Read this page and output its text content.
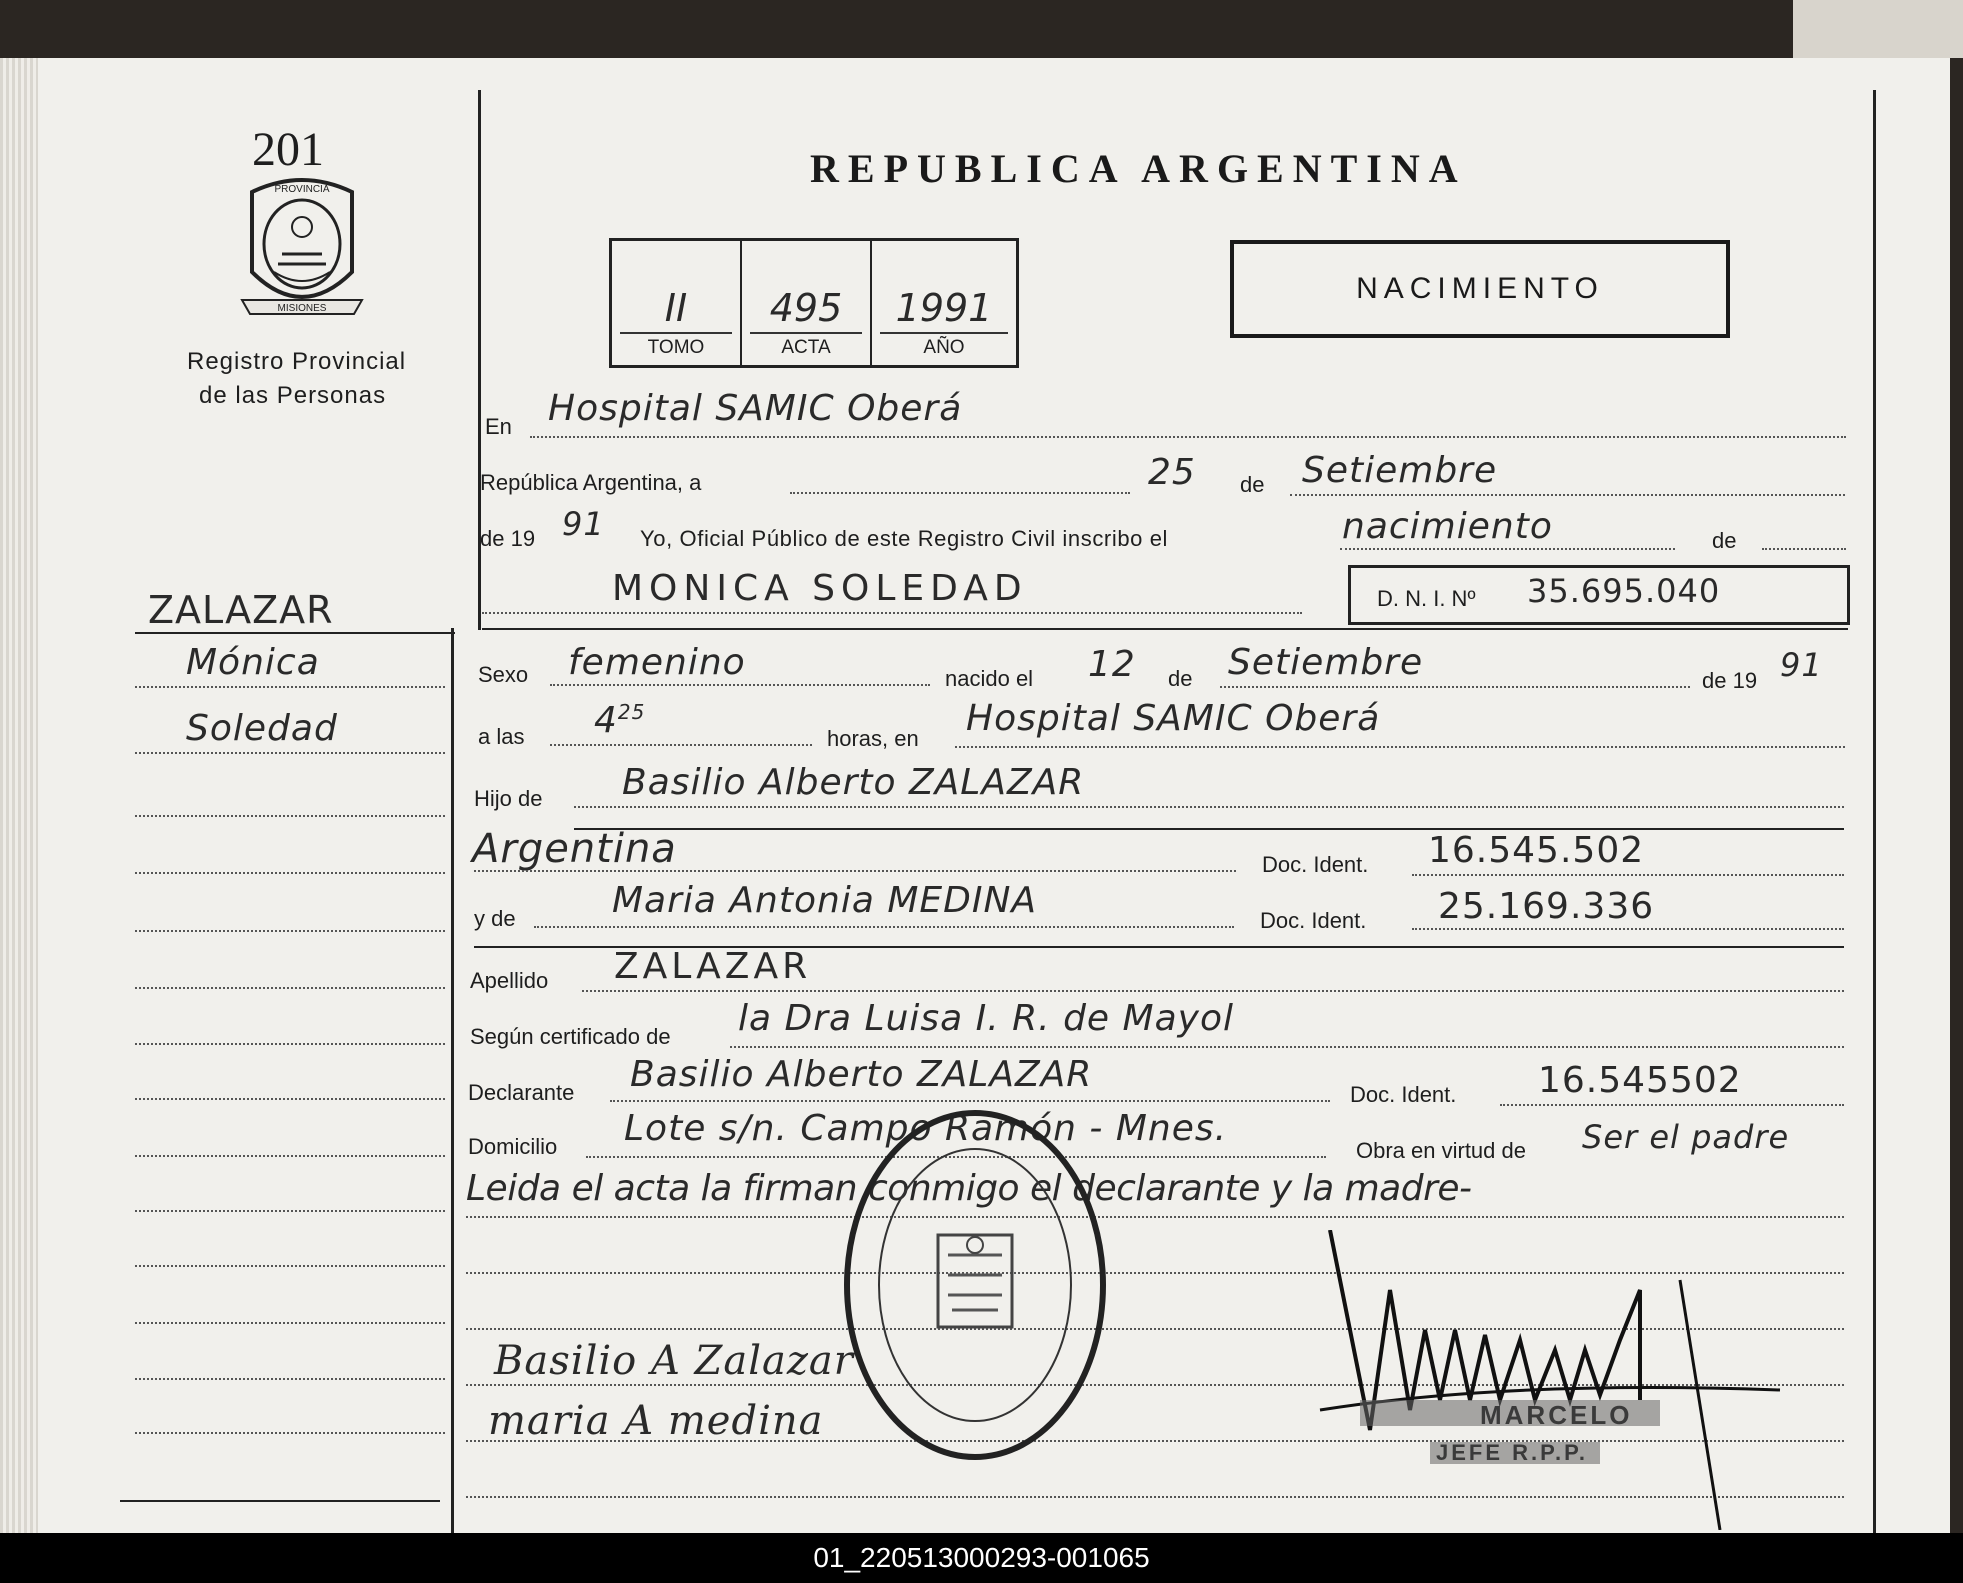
201
PROVINCIA
MISIONES
Registro Provincial
de las Personas
REPUBLICA ARGENTINA
II
TOMO
495
ACTA
1991
AÑO
NACIMIENTO
ZALAZAR
Mónica
Soledad
En Hospital SAMIC Oberá
República Argentina, a	25 de Setiembre
de 19 91 Yo, Oficial Público de este Registro Civil inscribo el	nacimiento	de
MONICA SOLEDAD	D. N. I. Nº 35.695.040
Sexo femenino	nacido el 12 de Setiembre	de 19 91
a las $4^{25}$
horas, en Hospital SAMIC Oberá
Hijo de Basilio Alberto ZALAZAR
Argentina	Doc. Ident. 16.545.502
y de	Maria Antonia MEDINA	Doc. Ident. 25.169.336
Apellido ZALAZAR
Según certificado de la Dra Luisa I. R. de Mayol
Declarante Basilio Alberto ZALAZAR	Doc. Ident. 16.545502
Domicilio Lote s/n. Campo Ramón - Mnes.
Obra en virtud de Ser el padre
Leida el acta la firman conmigo el declarante y la madre-
Basilio A Zalazar
maria A medina	MARCELO
JEFE R.P.P.
01_220513000293-001065
